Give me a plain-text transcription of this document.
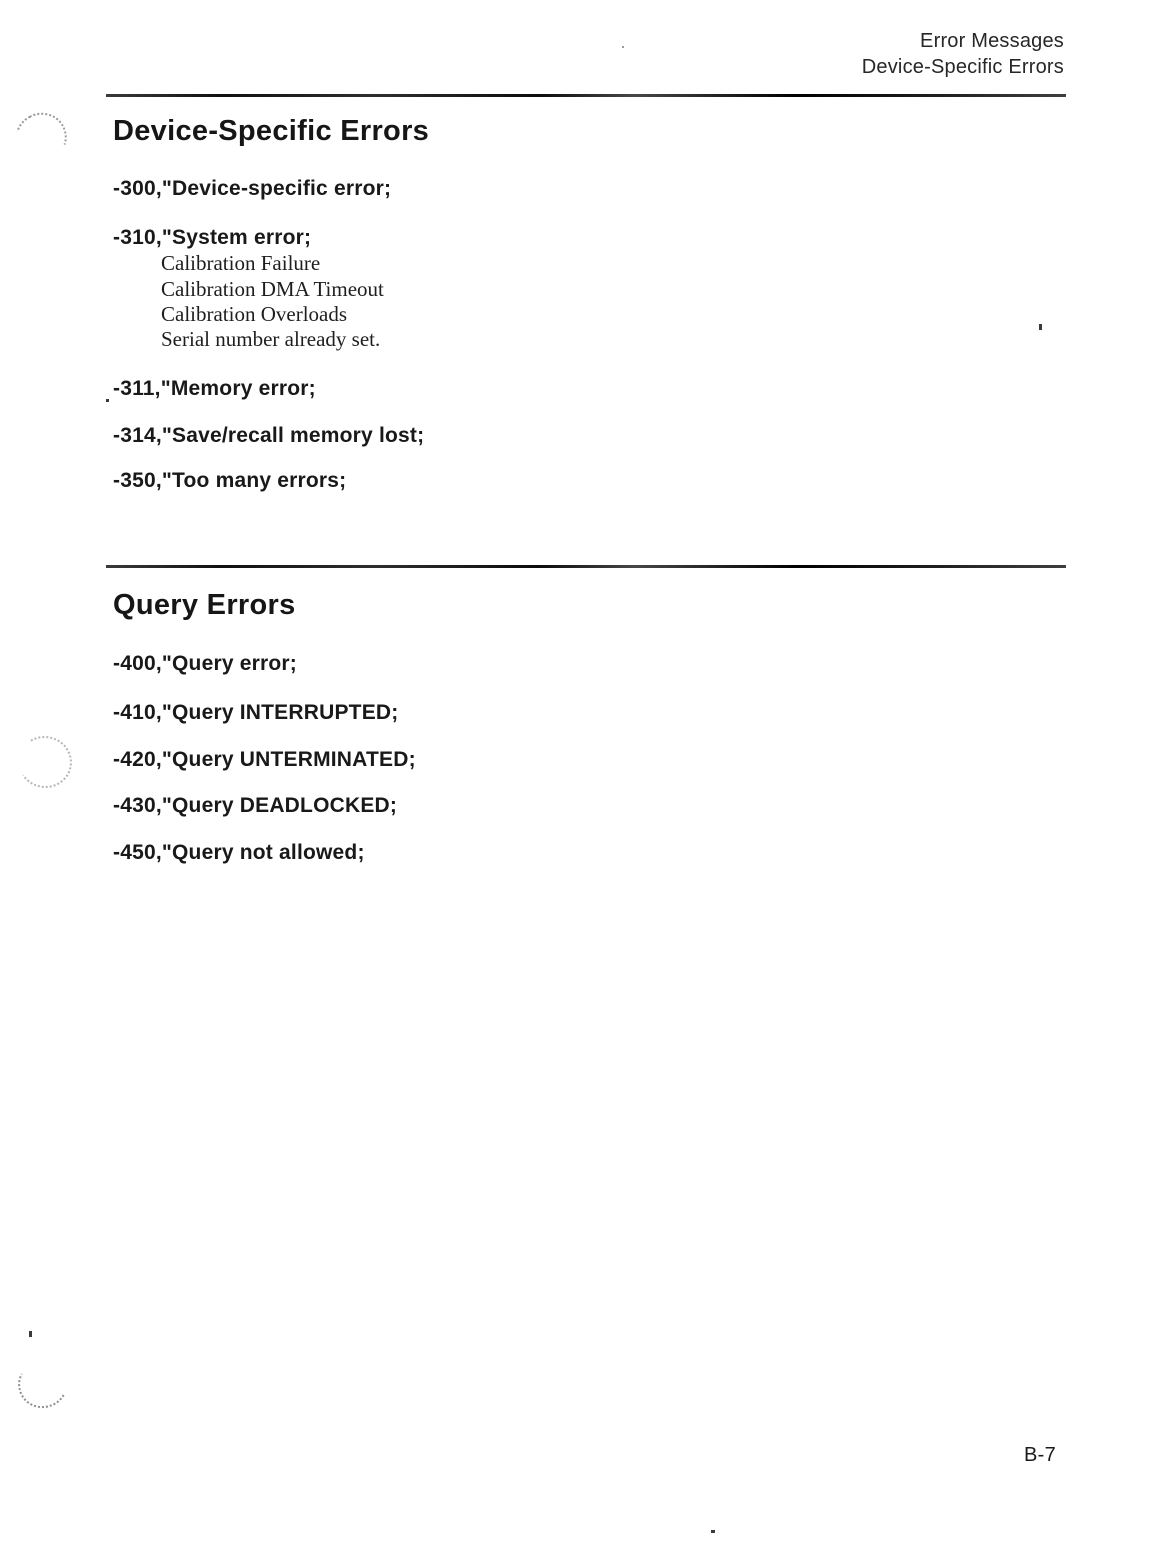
Error Messages
Device-Specific Errors
Device-Specific Errors
-300,"Device-specific error;
-310,"System error;
Calibration Failure
Calibration DMA Timeout
Calibration Overloads
Serial number already set.
-311,"Memory error;
-314,"Save/recall memory lost;
-350,"Too many errors;
Query Errors
-400,"Query error;
-410,"Query INTERRUPTED;
-420,"Query UNTERMINATED;
-430,"Query DEADLOCKED;
-450,"Query not allowed;
B-7
